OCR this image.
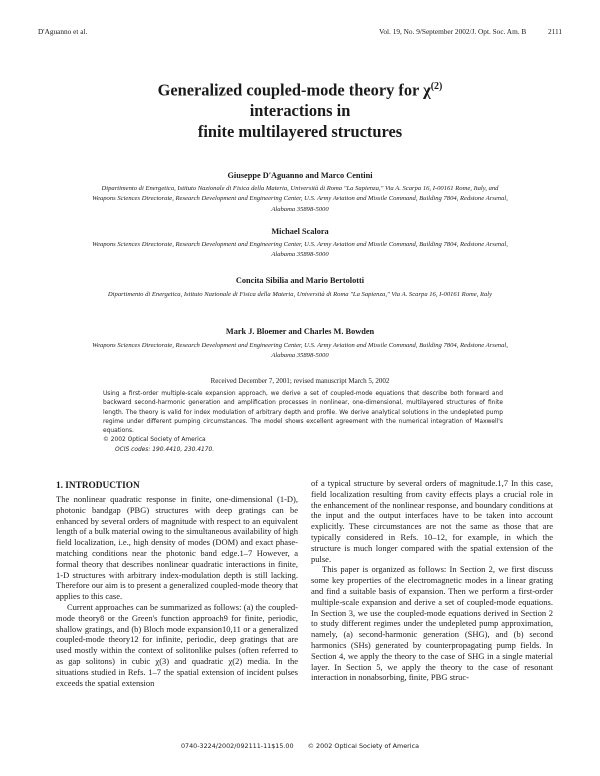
D'Aguanno et al.	Vol. 19, No. 9/September 2002/J. Opt. Soc. Am. B	2111
Generalized coupled-mode theory for $\chi^{(2)}$
interactions in
finite multilayered structures
Giuseppe D'Aguanno and Marco Centini
Dipartimento di Energetica, Istituto Nazionale di Fisica della Materia, Università di Roma "La Sapienza," Via A. Scarpa 16, I-00161 Rome, Italy, and Weapons Sciences Directorate, Research Development and Engineering Center, U.S. Army Aviation and Missile Command, Building 7804, Redstone Arsenal, Alabama 35898-5000
Michael Scalora
Weapons Sciences Directorate, Research Development and Engineering Center, U.S. Army Aviation and Missile Command, Building 7804, Redstone Arsenal, Alabama 35898-5000
Concita Sibilia and Mario Bertolotti
Dipartimento di Energetica, Istituto Nazionale di Fisica della Materia, Università di Roma "La Sapienza," Via A. Scarpa 16, I-00161 Rome, Italy
Mark J. Bloemer and Charles M. Bowden
Weapons Sciences Directorate, Research Development and Engineering Center, U.S. Army Aviation and Missile Command, Building 7804, Redstone Arsenal, Alabama 35898-5000
Received December 7, 2001; revised manuscript March 5, 2002

Using a first-order multiple-scale expansion approach, we derive a set of coupled-mode equations that describe both forward and backward second-harmonic generation and amplification processes in nonlinear, one-dimensional, multilayered structures of finite length. The theory is valid for index modulation of arbitrary depth and profile. We derive analytical solutions in the undepleted pump regime under different pumping circumstances. The model shows excellent agreement with the numerical integration of Maxwell's equations.

© 2002 Optical Society of America

OCIS codes: 190.4410, 230.4170.

1. INTRODUCTION

The nonlinear quadratic response in finite, one-dimensional (1-D), photonic bandgap (PBG) structures with deep gratings can be enhanced by several orders of magnitude with respect to an equivalent length of a bulk material owing to the simultaneous availability of high field localization, i.e., high density of modes (DOM) and exact phase-matching conditions near the photonic band edge.1–7 However, a formal theory that describes nonlinear quadratic interactions in finite, 1-D structures with arbitrary index-modulation depth is still lacking. Therefore our aim is to present a generalized coupled-mode theory that applies to this case.

Current approaches can be summarized as follows: (a) the coupled-mode theory8 or the Green's function approach9 for finite, periodic, shallow gratings, and (b) Bloch mode expansion10,11 or a generalized coupled-mode theory12 for infinite, periodic, deep gratings that are used mostly within the context of solitonlike pulses (often referred to as gap solitons) in cubic χ(3) and quadratic χ(2) media. In the situations studied in Refs. 1–7 the spatial extension of incident pulses exceeds the spatial extension

of a typical structure by several orders of magnitude.1,7 In this case, field localization resulting from cavity effects plays a crucial role in the enhancement of the nonlinear response, and boundary conditions at the input and the output interfaces have to be taken into account explicitly. These circumstances are not the same as those that are typically considered in Refs. 10–12, for example, in which the structure is much longer compared with the spatial extension of the pulse.

This paper is organized as follows: In Section 2, we first discuss some key properties of the electromagnetic modes in a linear grating and find a suitable basis of expansion. Then we perform a first-order multiple-scale expansion and derive a set of coupled-mode equations. In Section 3, we use the coupled-mode equations derived in Section 2 to study different regimes under the undepleted pump approximation, namely, (a) second-harmonic generation (SHG), and (b) second harmonics (SHs) generated by counterpropagating pump fields. In Section 4, we apply the theory to the case of SHG in a single material layer. In Section 5, we apply the theory to the case of resonant interaction in nonabsorbing, finite, PBG struc-

0740-3224/2002/092111-11$15.00 © 2002 Optical Society of America
